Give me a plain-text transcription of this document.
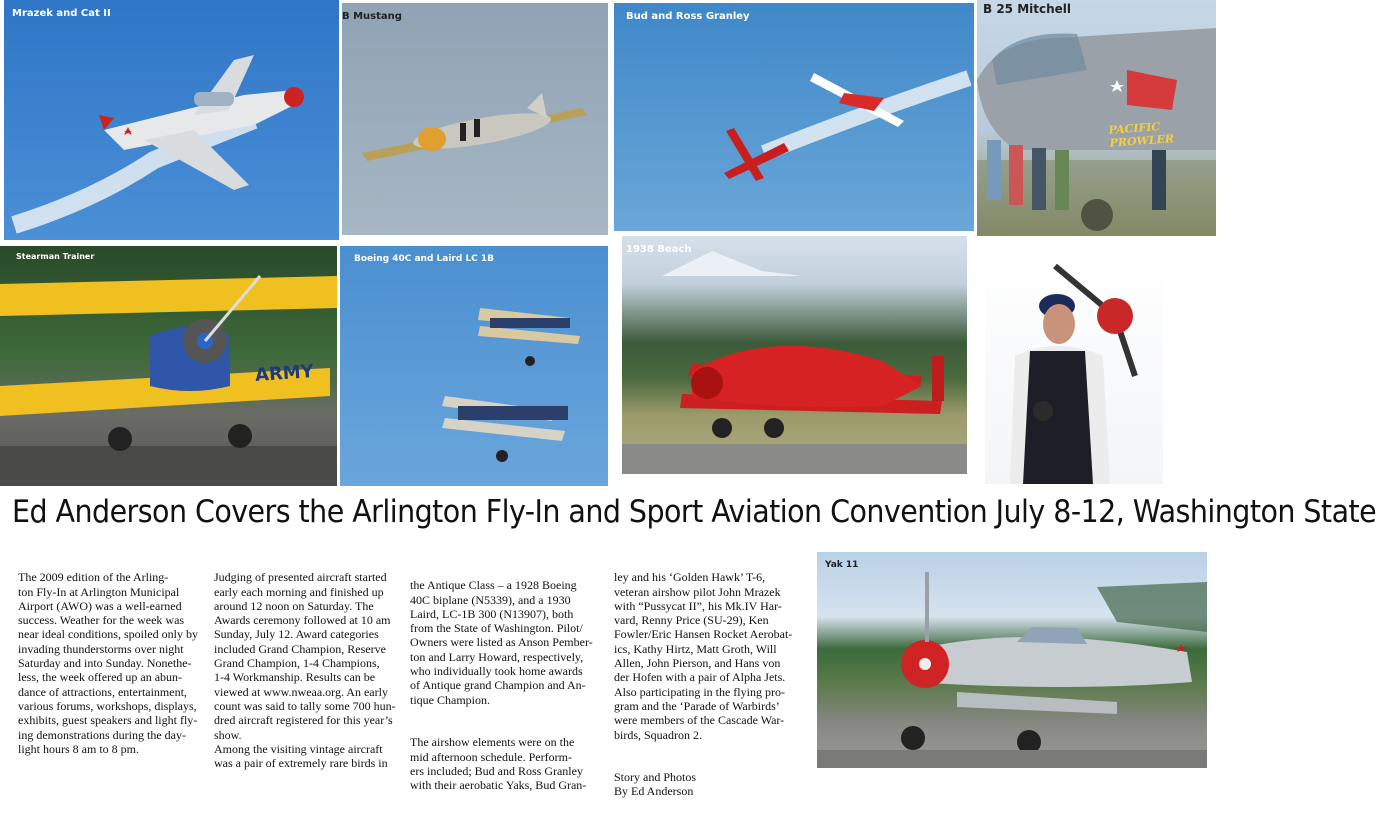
Mrazek and Cat II	B Mustang	Bud and Ross Granley
B 25 Mitchell
PACIFIC PROWLER
Stearman Trainer
ARMY
Boeing 40C and Laird LC 1B
1938 Beach
Ed Anderson Covers the Arlington Fly-In and Sport Aviation Convention July 8-12, Washington State

The 2009 edition of the Arling-
ton Fly-In at Arlington Municipal
Airport (AWO) was a well-earned
success. Weather for the week was
near ideal conditions, spoiled only by
invading thunderstorms over night
Saturday and into Sunday. Nonethe-
less, the week offered up an abun-
dance of attractions, entertainment,
various forums, workshops, displays,
exhibits, guest speakers and light fly-
ing demonstrations during the day-
light hours 8 am to 8 pm.

Judging of presented aircraft started
early each morning and finished up
around 12 noon on Saturday. The
Awards ceremony followed at 10 am
Sunday, July 12. Award categories
included Grand Champion, Reserve
Grand Champion, 1-4 Champions,
1-4 Workmanship. Results can be
viewed at www.nweaa.org. An early
count was said to tally some 700 hun-
dred aircraft registered for this year’s
show.
Among the visiting vintage aircraft
was a pair of extremely rare birds in

the Antique Class – a 1928 Boeing
40C biplane (N5339), and a 1930
Laird, LC-1B 300 (N13907), both
from the State of Washington. Pilot/
Owners were listed as Anson Pember-
ton and Larry Howard, respectively,
who individually took home awards
of Antique grand Champion and An-
tique Champion.

The airshow elements were on the
mid afternoon schedule. Perform-
ers included; Bud and Ross Granley
with their aerobatic Yaks, Bud Gran-

ley and his ‘Golden Hawk’ T-6,
veteran airshow pilot John Mrazek
with “Pussycat II”, his Mk.IV Har-
vard, Renny Price (SU-29), Ken
Fowler/Eric Hansen Rocket Aerobat-
ics, Kathy Hirtz, Matt Groth, Will
Allen, John Pierson, and Hans von
der Hofen with a pair of Alpha Jets.
Also participating in the flying pro-
gram and the ‘Parade of Warbirds’
were members of the Cascade War-
birds, Squadron 2.

Story and Photos
By Ed Anderson

Yak 11
